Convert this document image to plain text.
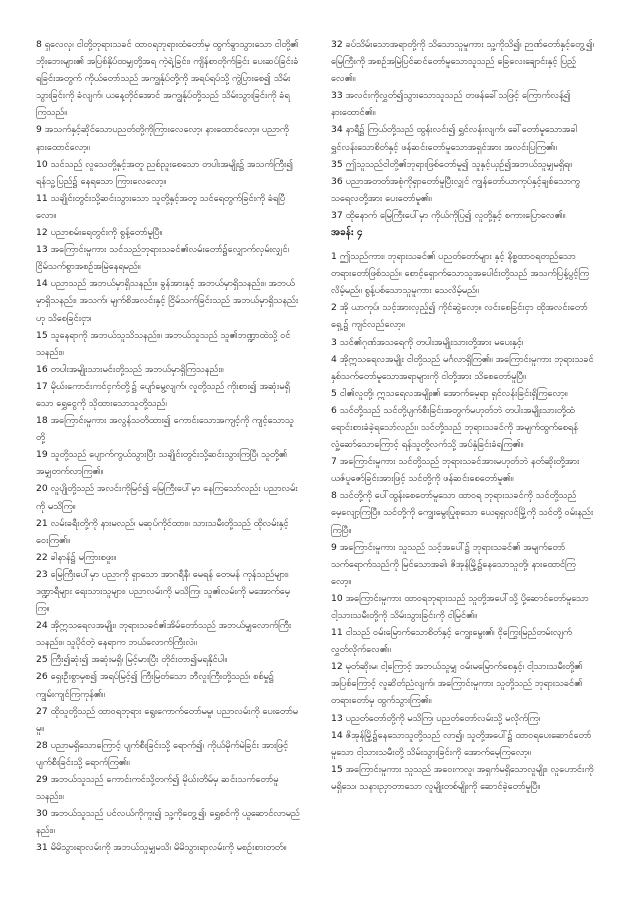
8 ရှလေလှ၊ ငါတို့ဘုရားသခင် ထာဝရဘုရားထံတော်မှ ထွက်ခွာသွားသော ငါတို့၏ ဘိုးဘေးများ၏ အပြစ်နှိပ်ထမျှတို့အရ ကဲ့ရဲ့ခြင်း၊ ကျိန်စာတိုက်ခြင်း ပေးဆပ်ခြင်းခံရခြင်းအတွက် ကိုယ်တော်သည် အကျွန်ုပ်တို့ကို အရပ်ရပ်သို့ ကွဲပြားစေ၍ သိမ်းသွားခြင်းကို ခံလျက်၊ ယနေ့တိုင်အောင် အကျွန်ုပ်တို့သည် သိမ်းသွားခြင်းကို ခံရကြသည်။

9 အသက်နှင့်ဆိုင်သောပညတ်တို့ကိုကြားလေလော့၊ နားထောင်လော့။ ပညာကို နားထောင်လော့။

10 သင်သည် လူသေတို့နှင့်အတူ ညစ်ညူးစေသော တပါးအမျိုး၌ အသက်ကြီး၍ ရန်သူ့ပြည်၌ နေရသော ကြားလေလော့။

11 သချိုင်းတွင်းသို့ဆင်းသွားသော သူတို့နှင့်အတူ သင်ရေတွက်ခြင်းကို ခံရပြီလော။

12 ပညာစမ်းရေတွင်းကို စွန့်တော်မူပြီ။

13 အကြောင်းမူကား သင်သည်ဘုရားသခင်၏လမ်းတော်၌လျှောက်လှမ်းလျှင်၊ ငြိမ်သက်စွာအစဉ်အမြဲနေရမည်။

14 ပညာသည် အဘယ်မှာရှိသနည်း။ ခွန်အားနှင့် အဘယ်မှာရှိသနည်း။ အဘယ်မှာရှိသနည်း၊ အသက်၊ မျက်စိအလင်းနှင့် ငြိမ်သက်ခြင်းသည် အဘယ်မှာရှိသနည်းဟု သိစေခြင်းငှာ၊

15 သူနေရာကို အဘယ်သူသိသနည်း။ အဘယ်သူသည် သူ၏ဘဏ္ဍာထဲသို့ ဝင်သနည်း။

16 တပါးအမျိုးသားမင်းတို့သည် အဘယ်မှာရှိကြသနည်း။

17 မိုဃ်းကောင်းကင်ငှက်တို့၌ ပျော်မွေ့လျက်၊ လူတို့သည် ကိုးစား၍ အဆုံးမရှိသော ရွှေငွေကို သိုထားသောသူတို့သည်၊

18 အကြောင်းမူကား အလွန်သတိထား၍ ကောင်းသောအကျင့်ကို ကျင့်သောသူတို့

19 သူတို့သည် ပျောက်ကွယ်သွားပြီး သချိုင်းတွင်းသို့ဆင်းသွားကြပြီ၊ သူတို့၏ အမျှတက်လာကြ၏။

20 လူပျိုတို့သည် အလင်းကိုမြင်၍ မြေကြီးပေါ်မှာ နေကြသော်လည်း ပညာလမ်းကို မသိကြ။

21 လမ်းခရီးတို့ကို နားမလည်၊ မဆုပ်ကိုင်ထား။ သားသမီးတို့သည် ထိုလမ်းနှင့် ဝေးကြ၏။

22 ခါနာန်၌ မကြားစဖူး။

23 မြေကြီးပေါ်မှာ ပညာကို ရှာသော အာဂရီနီ၊ မေရန် တေမန် ကုန်သည်များ၊ ဒဏ္ဍာရီများ ရေးသားသူများ၊ ပညာလမ်းကို မသိကြ၊ သူ၏လမ်းကို မအောက်မေ့ကြ။

24 အိုဣသရေလအမျိုး၊ ဘုရားသခင်၏အိမ်တော်သည် အဘယ်မျှလောက်ကြီးသနည်း။ သူပိုင်တဲ့ နေရာက ဘယ်လောက်ကြီးလဲ။

25 ကြီး၍ဆုံး၍ အဆုံးမရှိ၊ မြင့်မားပြီး တိုင်းတာ၍မရနိုင်ပါ။

26 ရှေးဦးစွာမှစ၍ အရပ်မြင့်၍ ကြီးမြတ်သော ဘီလူးကြီးတို့သည်၊ စစ်မှု၌ ကျွမ်းကျင်ကြကုန်၏။

27 ထိုသူတို့သည် ထာဝရဘုရား ရွေးကောက်တော်မမူ၊ ပညာလမ်းကို ပေးတော်မမူ။

28 ပညာမရှိသောကြောင့် ပျက်စီးခြင်းသို့ ရောက်၍၊ ကိုယ်မိုက်မဲခြင်း အားဖြင့် ပျက်စီးခြင်းသို့ ရောက်ကြ၏။

29 အဘယ်သူသည် ကောင်းကင်သို့တက်၍ မိုဃ်းတိမ်မှ ဆင်းသက်တော်မူသနည်း။

30 အဘယ်သူသည် ပင်လယ်ကိုကူး၍ သူ့ကိုတွေ့၍၊ ရွှေစင်ကို ယူဆောင်လာမည်နည်း။

31 မိမိသွားရာလမ်းကို အဘယ်သူမျှမသိ၊ မိမိသွားရာလမ်းကို မစဉ်းစားတတ်။

32 ခပ်သိမ်းသောအရာတို့ကို သိသောသူမူကား သူ့ကိုသိ၍၊ ဉာဏ်တော်နှင့်တွေ့၍၊ မြေကြီးကို အစဉ်အမြဲပြင်ဆင်တော်မူသောသူသည် ခြေလေးချောင်းနှင့် ပြည့်လေ၏။

33 အလင်းကိုလွှတ်၍သွားသောသူသည် တဖန်ခေါ်သဖြင့် ကြောက်လန့်၍ နားထောင်၏။

34 နာရီ၌ ကြယ်တို့သည် ထွန်းလင်း၍ ရွှင်လန်းလျက်၊ ခေါ်တော်မူသောအခါ ရွှင်လန်းသောစိတ်နှင့် ဖန်ဆင်းတော်မူသောအရှင်အား အလင်းပြကြ၏။

35 ဤသူသည်ငါတို့၏ဘုရားဖြစ်တော်မူ၍ သူနှင့်ယှဉ်၍အဘယ်သူမျှမရှိရ။

36 ပညာအတတ်အစုံကိုရှာတော်မူပြီးလျှင် ကျွန်တော်ယာကုပ်နှင့်ချစ်သောကွ သရေလတို့အား ပေးတော်မူ၏။

37 ထိုနောက် မြေကြီးပေါ်မှာ ကိုယ်ကိုပြ၍ လူတို့နှင့် စကားပြောလေ၏။

အခန်း ၄

1 ဤသည်ကား၊ ဘုရားသခင်၏ ပညတ်တော်များ နှင့် နိစ္စထာဝရတည်သော တရားတော်ဖြစ်သည်။ စောင့်ရှောက်သောသူအပေါင်းတို့သည် အသက်ပြန့်ပွင့်ကြလိမ့်မည်။ စွန့်ပစ်သောသူမူကား သေလိမ့်မည်။

2 အို ယာကုပ်၊ သင့်အားလှည့်၍ ကိုင်ဆွဲလော့။ လင်းစေခြင်းငှာ ထိုအလင်းတော်ရှေ့၌ ကျင်လည်လော့။

3 သင်၏ဂုဏ်အသရေကို တပါးအမျိုးသားတို့အား မပေးနှင့်၊

4 အိုဣသရေလအမျိုး ငါတို့သည် မင်္ဂလာရှိကြ၏။ အကြောင်းမူကား ဘုရားသခင်နှစ်သက်တော်မူသောအရာများကို ငါတို့အား သိစေတော်မူပြီ။

5 ငါ၏လူတို့၊ ဣသရေလအမျိုး၏ အောက်မေ့ရာ ရှင်လန်းခြင်းရှိကြလော့။

6 သင်တို့သည် သင်တို့ပျက်စီးခြင်းအတွက်မဟုတ်ဘဲ တပါးအမျိုးသားတို့ထံ ရောင်းစားခံခဲ့ရသော်လည်း၊ သင်တို့သည် ဘုရားသခင်ကို အမျက်ထွက်စေရန် လှုံ့ဆော်သောကြောင့် ရန်သူတို့လက်သို့ အပ်နှံခြင်းခံရကြ၏။

7 အကြောင်းမူကား သင်တို့သည် ဘုရားသခင်အားမဟုတ်ဘဲ နတ်ဆိုးတို့အား ယဇ်ပူဇော်ခြင်းအားဖြင့် သင်တို့ကို ဖန်ဆင်းစေတော်မူ၏။

8 သင်တို့ကို ပေါ်ထွန်းစေတော်မူသော ထာဝရ ဘုရားသခင်ကို သင်တို့သည် မေ့လျော့ကြပြီ။ သင်တို့ကို ကျွေးမွေးပြုစုသော ယေရုရှလင်မြို့ကို သင်တို့ ဝမ်းနည်းကြပြီ။

9 အကြောင်းမူကား သူသည် သင့်အပေါ်၌ ဘုရားသခင်၏ အမျက်တော်သက်ရောက်သည်ကို မြင်သောအခါ၊ ဇိအုန်မြို့၌နေသောသူတို့၊ နားထောင်ကြလော့။

10 အကြောင်းမူကား ထာဝရဘုရားသည် သူတို့အပေါ်သို့ ပို့ဆောင်တော်မူသော ငါ့သားသမီးတို့ကို သိမ်းသွားခြင်းကို ငါမြင်၏။

11 ငါသည် ဝမ်းမြောက်သောစိတ်နှင့် ကျွေးမွေး၏၊ ငိုကြွေးမြည်တမ်းလျက် လွှတ်လိုက်လေ၏။

12 မုတ်ဆိုးမ၊ ငါ့ကြောင့် အဘယ်သူမျှ ဝမ်းမမြောက်စေနှင့်၊ ငါ့သားသမီးတို့၏ အပြစ်ကြောင့် လူဆိတ်ညံလျက်၊ အကြောင်းမူကား သူတို့သည် ဘုရားသခင်၏ တရားတော်မှ ထွက်သွားကြ၏။

13 ပညတ်တော်တို့ကို မသိကြ၊ ပညတ်တော်လမ်းသို့ မလိုက်ကြ၊

14 ဇိအုန်မြို့၌နေသောသူတို့သည် လာ၍၊ သူတို့အပေါ်၌ ထာဝရပေးဆောင်တော်မူသော ငါ့သားသမီးတို့ သိမ်းသွားခြင်းကို အောက်မေ့ကြလော့။

15 အကြောင်းမူကား သူသည် အဝေးကလူ၊ အရှက်မရှိသောလူမျိုး၊ လူဟောင်းကို မရှိသေ၊ သနားညှာတာသော လူမျိုးတစ်မျိုးကို ဆောင်ခဲ့တော်မူပြီ။
